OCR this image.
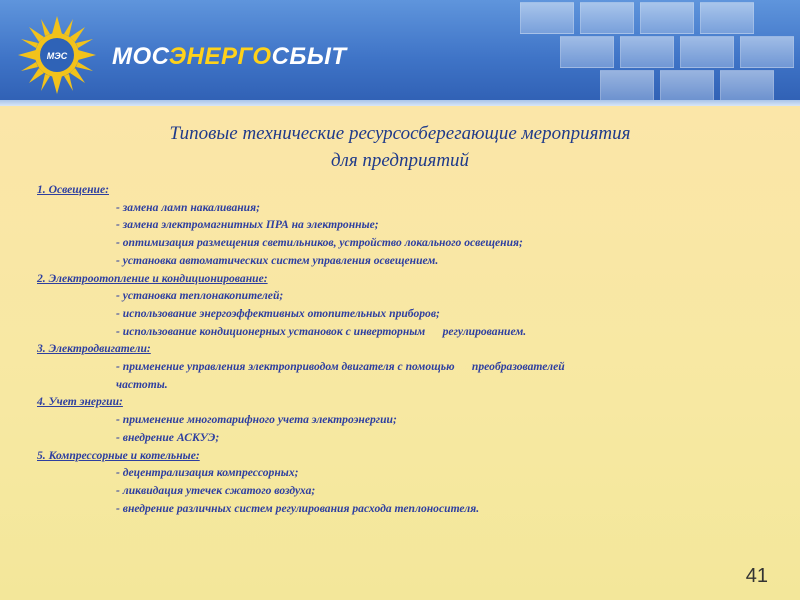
МЭС МОСЭНЕРГОСБЫТ
Типовые технические ресурсосберегающие мероприятия
для предприятий
1. Освещение:
- замена ламп накаливания;
- замена электромагнитных ПРА на электронные;
- оптимизация размещения светильников, устройство локального освещения;
- установка автоматических систем управления освещением.
2. Электроотопление и кондиционирование:
- установка теплонакопителей;
- использование энергоэффективных отопительных приборов;
- использование кондиционерных установок с инверторным      регулированием.
3. Электродвигатели:
- применение управления электроприводом двигателя с помощью      преобразователей
частоты.
4. Учет энергии:
- применение многотарифного учета электроэнергии;
- внедрение АСКУЭ;
5. Компрессорные и котельные:
- децентрализация компрессорных;
- ликвидация утечек сжатого воздуха;
- внедрение различных систем регулирования расхода теплоносителя.
41
